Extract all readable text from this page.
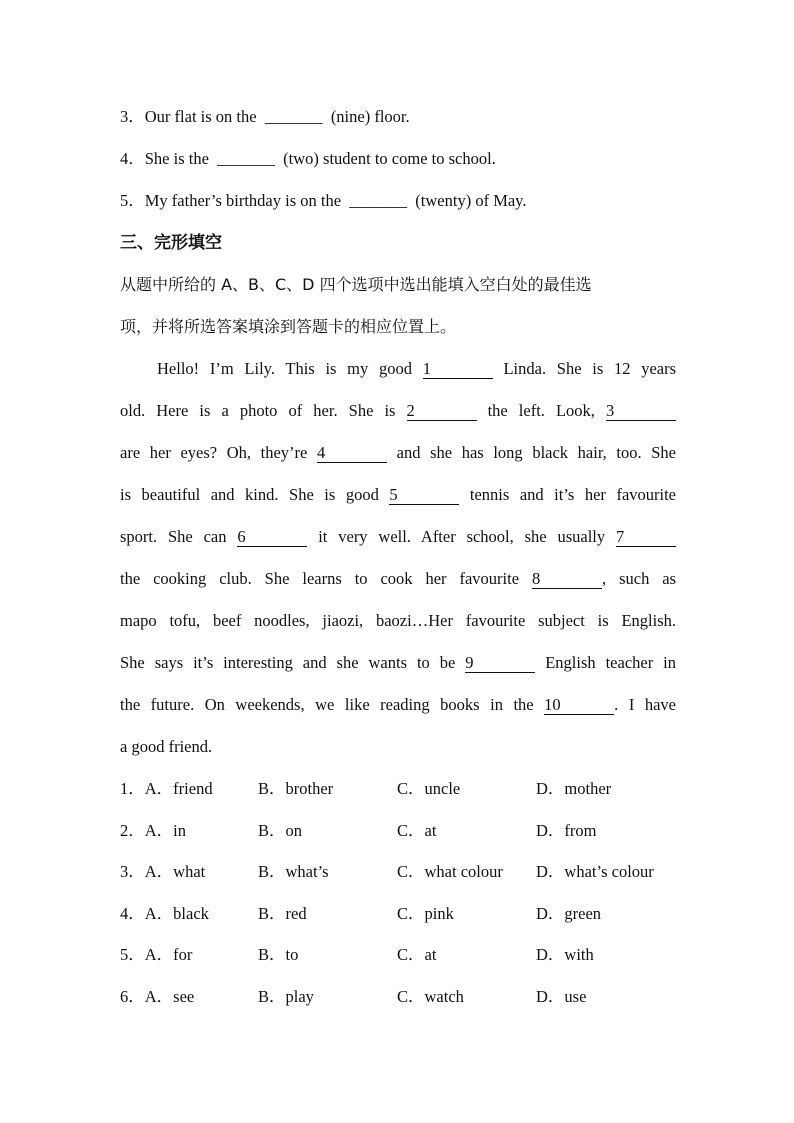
3．Our flat is on the _______ (nine) floor.
4．She is the _______ (two) student to come to school.
5．My father’s birthday is on the _______ (twenty) of May.
三、完形填空
从题中所给的 A、B、C、D 四个选项中选出能填入空白处的最佳选
项，并将所选答案填涂到答题卡的相应位置上。
Hello! I’m Lily. This is my good 1	Linda. She is 12 years
old. Here is a photo of her. She is 2	the left. Look, 3
are her eyes? Oh, they’re 4	and she has long black hair, too. She
is beautiful and kind. She is good 5	tennis and it’s her favourite
sport. She can 6	it very well. After school, she usually 7
the cooking club. She learns to cook her favourite 8	, such as
mapo tofu, beef noodles, jiaozi, baozi…Her favourite subject is English.
She says it’s interesting and she wants to be 9	English teacher in
the future. On weekends, we like reading books in the 10	. I have
a good friend.
1．A．friend	B．brother	C．uncle	D．mother
2．A．in	B．on	C．at	D．from
3．A．what	B．what’s	C．what colour	D．what’s colour
4．A．black	B．red	C．pink	D．green
5．A．for	B．to	C．at	D．with
6．A．see	B．play	C．watch	D．use
